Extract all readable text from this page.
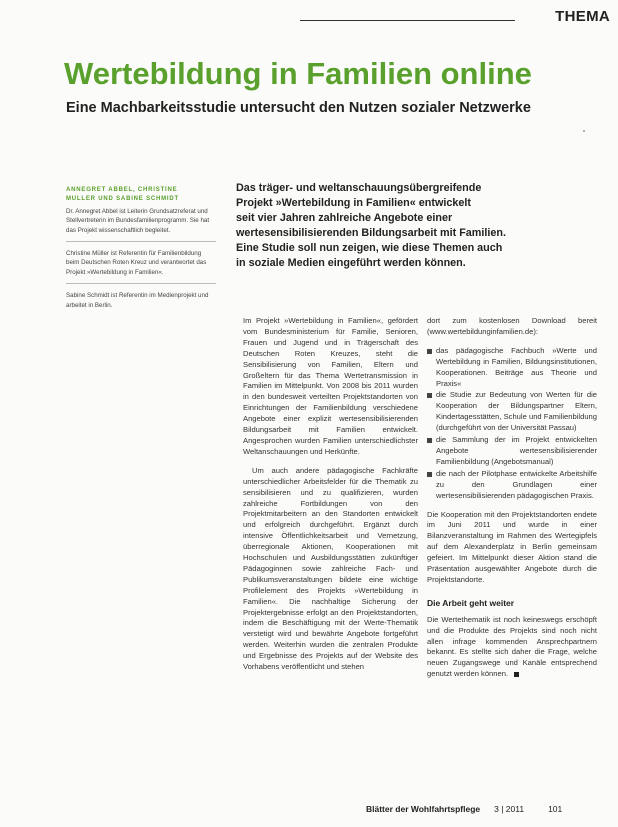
THEMA
Wertebildung in Familien online
Eine Machbarkeitsstudie untersucht den Nutzen sozialer Netzwerke
ANNEGRET ABBEL, CHRISTINE
MULLER UND SABINE SCHMIDT
Dr. Annegret Abbel ist Leiterin Grundsatzreferat und Stellvertreterin im Bundesfamilienprogramm. Sie hat das Projekt wissenschaftlich begleitet.
Christine Müller ist Referentin für Familienbildung beim Deutschen Roten Kreuz und verantwortet das Projekt »Wertebildung in Familien«.
Sabine Schmidt ist Referentin im Medienprojekt und arbeitet in Berlin.
Das träger- und weltanschauungsübergreifende
Projekt »Wertebildung in Familien« entwickelt
seit vier Jahren zahlreiche Angebote einer
wertesensibilisierenden Bildungsarbeit mit Familien.
Eine Studie soll nun zeigen, wie diese Themen auch
in soziale Medien eingeführt werden können.

Im Projekt »Wertebildung in Familien«, gefördert vom Bundesministerium für Familie, Senioren, Frauen und Jugend und in Trägerschaft des Deutschen Roten Kreuzes, steht die Sensibilisierung von Familien, Eltern und Großeltern für das Thema Wertetransmission in Familien im Mittelpunkt. Von 2008 bis 2011 wurden in den bundesweit verteilten Projektstandorten von Einrichtungen der Familienbildung verschiedene Angebote einer explizit wertesensibilisierenden Bildungsarbeit mit Familien entwickelt. Angesprochen wurden Familien unterschiedlichster Weltanschauungen und Herkünfte.

Um auch andere pädagogische Fachkräfte unterschiedlicher Arbeitsfelder für die Thematik zu sensibilisieren und zu qualifizieren, wurden zahlreiche Fortbildungen von den Projektmitarbeitern an den Standorten entwickelt und erfolgreich durchgeführt. Ergänzt durch intensive Öffentlichkeitsarbeit und Vernetzung, überregionale Aktionen, Kooperationen mit Hochschulen und Ausbildungsstätten zukünftiger Pädagoginnen sowie zahlreiche Fach- und Publikumsveranstaltungen bildete eine wichtige Profilelement des Projekts »Wertebildung in Familien«. Die nachhaltige Sicherung der Projektergebnisse erfolgt an den Projektstandorten, indem die Beschäftigung mit der Werte-Thematik verstetigt wird und bewährte Angebote fortgeführt werden. Weiterhin wurden die zentralen Produkte und Ergebnisse des Projekts auf der Website des Vorhabens veröffentlicht und stehen

dort zum kostenlosen Download bereit (www.wertebildunginfamilien.de):

das pädagogische Fachbuch »Werte und Wertebildung in Familien, Bildungsinstitutionen, Kooperationen. Beiträge aus Theorie und Praxis«
die Studie zur Bedeutung von Werten für die Kooperation der Bildungspartner Eltern, Kindertagesstätten, Schule und Familienbildung (durchgeführt von der Universität Passau)
die Sammlung der im Projekt entwickelten Angebote wertesensibilisierender Familienbildung (Angebotsmanual)
die nach der Pilotphase entwickelte Arbeitshilfe zu den Grundlagen einer wertesensibilisierenden pädagogischen Praxis.

Die Kooperation mit den Projektstandorten endete im Juni 2011 und wurde in einer Bilanzveranstaltung im Rahmen des Wertegipfels auf dem Alexanderplatz in Berlin gemeinsam gefeiert. Im Mittelpunkt dieser Aktion stand die Präsentation ausgewählter Angebote durch die Projektstandorte.

Die Arbeit geht weiter

Die Wertethematik ist noch keineswegs erschöpft und die Produkte des Projekts sind noch nicht allen infrage kommenden Ansprechpartnern bekannt. Es stellte sich daher die Frage, welche neuen Zugangswege und Kanäle entsprechend genutzt werden können.

Blätter der Wohlfahrtspflege 3 | 2011	101
